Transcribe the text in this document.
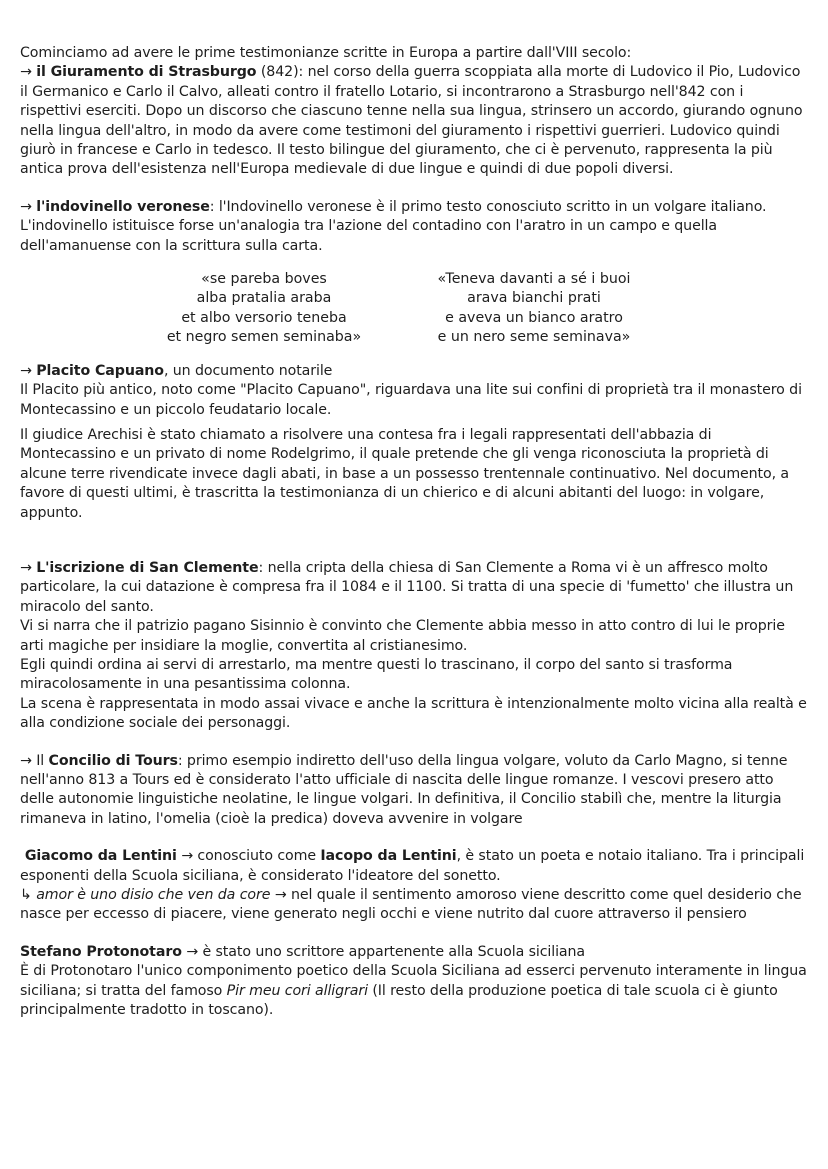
Cominciamo ad avere le prime testimonianze scritte in Europa a partire dall'VIII secolo:

→ il Giuramento di Strasburgo (842): nel corso della guerra scoppiata alla morte di Ludovico il Pio, Ludovico il Germanico e Carlo il Calvo, alleati contro il fratello Lotario, si incontrarono a Strasburgo nell'842 con i rispettivi eserciti. Dopo un discorso che ciascuno tenne nella sua lingua, strinsero un accordo, giurando ognuno nella lingua dell'altro, in modo da avere come testimoni del giuramento i rispettivi guerrieri. Ludovico quindi giurò in francese e Carlo in tedesco. Il testo bilingue del giuramento, che ci è pervenuto, rappresenta la più antica prova dell'esistenza nell'Europa medievale di due lingue e quindi di due popoli diversi.

→ l'indovinello veronese: l'Indovinello veronese è il primo testo conosciuto scritto in un volgare italiano. L'indovinello istituisce forse un'analogia tra l'azione del contadino con l'aratro in un campo e quella dell'amanuense con la scrittura sulla carta.

«se pareba boves
alba pratalia araba
et albo versorio teneba
et negro semen seminaba»
«Teneva davanti a sé i buoi
arava bianchi prati
e aveva un bianco aratro
e un nero seme seminava»

→ Placito Capuano, un documento notarile

Il Placito più antico, noto come "Placito Capuano", riguardava una lite sui confini di proprietà tra il monastero di Montecassino e un piccolo feudatario locale.

Il giudice Arechisi è stato chiamato a risolvere una contesa fra i legali rappresentati dell'abbazia di Montecassino e un privato di nome Rodelgrimo, il quale pretende che gli venga riconosciuta la proprietà di alcune terre rivendicate invece dagli abati, in base a un possesso trentennale continuativo. Nel documento, a favore di questi ultimi, è trascritta la testimonianza di un chierico e di alcuni abitanti del luogo: in volgare, appunto.

→ L'iscrizione di San Clemente: nella cripta della chiesa di San Clemente a Roma vi è un affresco molto particolare, la cui datazione è compresa fra il 1084 e il 1100. Si tratta di una specie di 'fumetto' che illustra un miracolo del santo.

Vi si narra che il patrizio pagano Sisinnio è convinto che Clemente abbia messo in atto contro di lui le proprie arti magiche per insidiare la moglie, convertita al cristianesimo.

Egli quindi ordina ai servi di arrestarlo, ma mentre questi lo trascinano, il corpo del santo si trasforma miracolosamente in una pesantissima colonna.

La scena è rappresentata in modo assai vivace e anche la scrittura è intenzionalmente molto vicina alla realtà e alla condizione sociale dei personaggi.

→ Il Concilio di Tours: primo esempio indiretto dell'uso della lingua volgare, voluto da Carlo Magno, si tenne nell'anno 813 a Tours ed è considerato l'atto ufficiale di nascita delle lingue romanze. I vescovi presero atto delle autonomie linguistiche neolatine, le lingue volgari. In definitiva, il Concilio stabilì che, mentre la liturgia rimaneva in latino, l'omelia (cioè la predica) doveva avvenire in volgare

Giacomo da Lentini → conosciuto come Iacopo da Lentini, è stato un poeta e notaio italiano. Tra i principali esponenti della Scuola siciliana, è considerato l'ideatore del sonetto.

↳ amor è uno disio che ven da core → nel quale il sentimento amoroso viene descritto come quel desiderio che nasce per eccesso di piacere, viene generato negli occhi e viene nutrito dal cuore attraverso il pensiero

Stefano Protonotaro → è stato uno scrittore appartenente alla Scuola siciliana

È di Protonotaro l'unico componimento poetico della Scuola Siciliana ad esserci pervenuto interamente in lingua siciliana; si tratta del famoso Pir meu cori alligrari (Il resto della produzione poetica di tale scuola ci è giunto principalmente tradotto in toscano).
